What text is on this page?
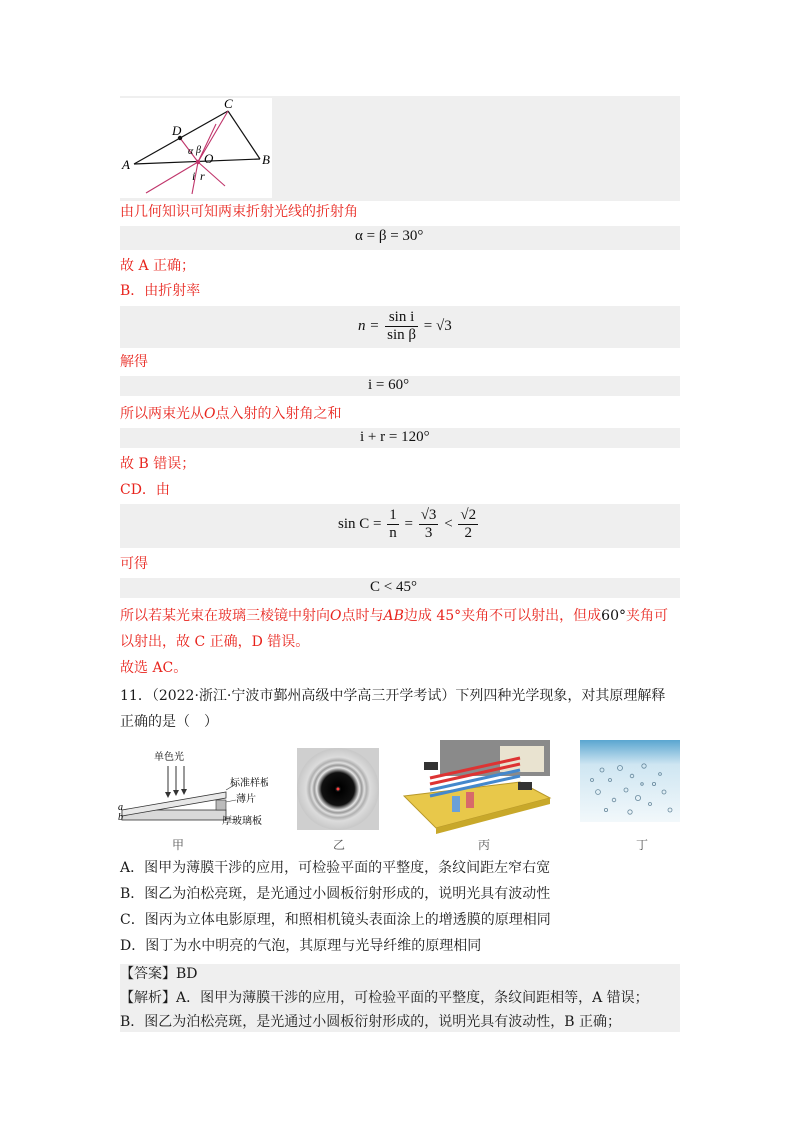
A	B
C
D
O
i r
α β
由几何知识可知两束折射光线的折射角
α = β = 30°
故 A 正确；
B．由折射率
$n = \frac{\text{sin i}}{\text{sin β}} = √3$
解得
i = 60°
所以两束光从O点入射的入射角之和
i + r = 120°
故 B 错误；
CD．由
$\sin C = \frac{1}{n} = \frac{√3}{3} < \frac{√2}{2}$
可得
C < 45°
所以若某光束在玻璃三棱镜中射向O点时与AB边成 45°夹角不可以射出，但成60°夹角可
以射出，故 C 正确，D 错误。
故选 AC。
11．（2022·浙江·宁波市鄞州高级中学高三开学考试）下列四种光学现象，对其原理解释
正确的是（　）
单色光
标准样板
薄片
厚玻璃板
a
b
甲	乙	丙	丁
A．图甲为薄膜干涉的应用，可检验平面的平整度，条纹间距左窄右宽
B．图乙为泊松亮斑，是光通过小圆板衍射形成的，说明光具有波动性
C．图丙为立体电影原理，和照相机镜头表面涂上的增透膜的原理相同
D．图丁为水中明亮的气泡，其原理与光导纤维的原理相同
【答案】BD
【解析】A．图甲为薄膜干涉的应用，可检验平面的平整度，条纹间距相等，A 错误；
B．图乙为泊松亮斑，是光通过小圆板衍射形成的，说明光具有波动性，B 正确；
